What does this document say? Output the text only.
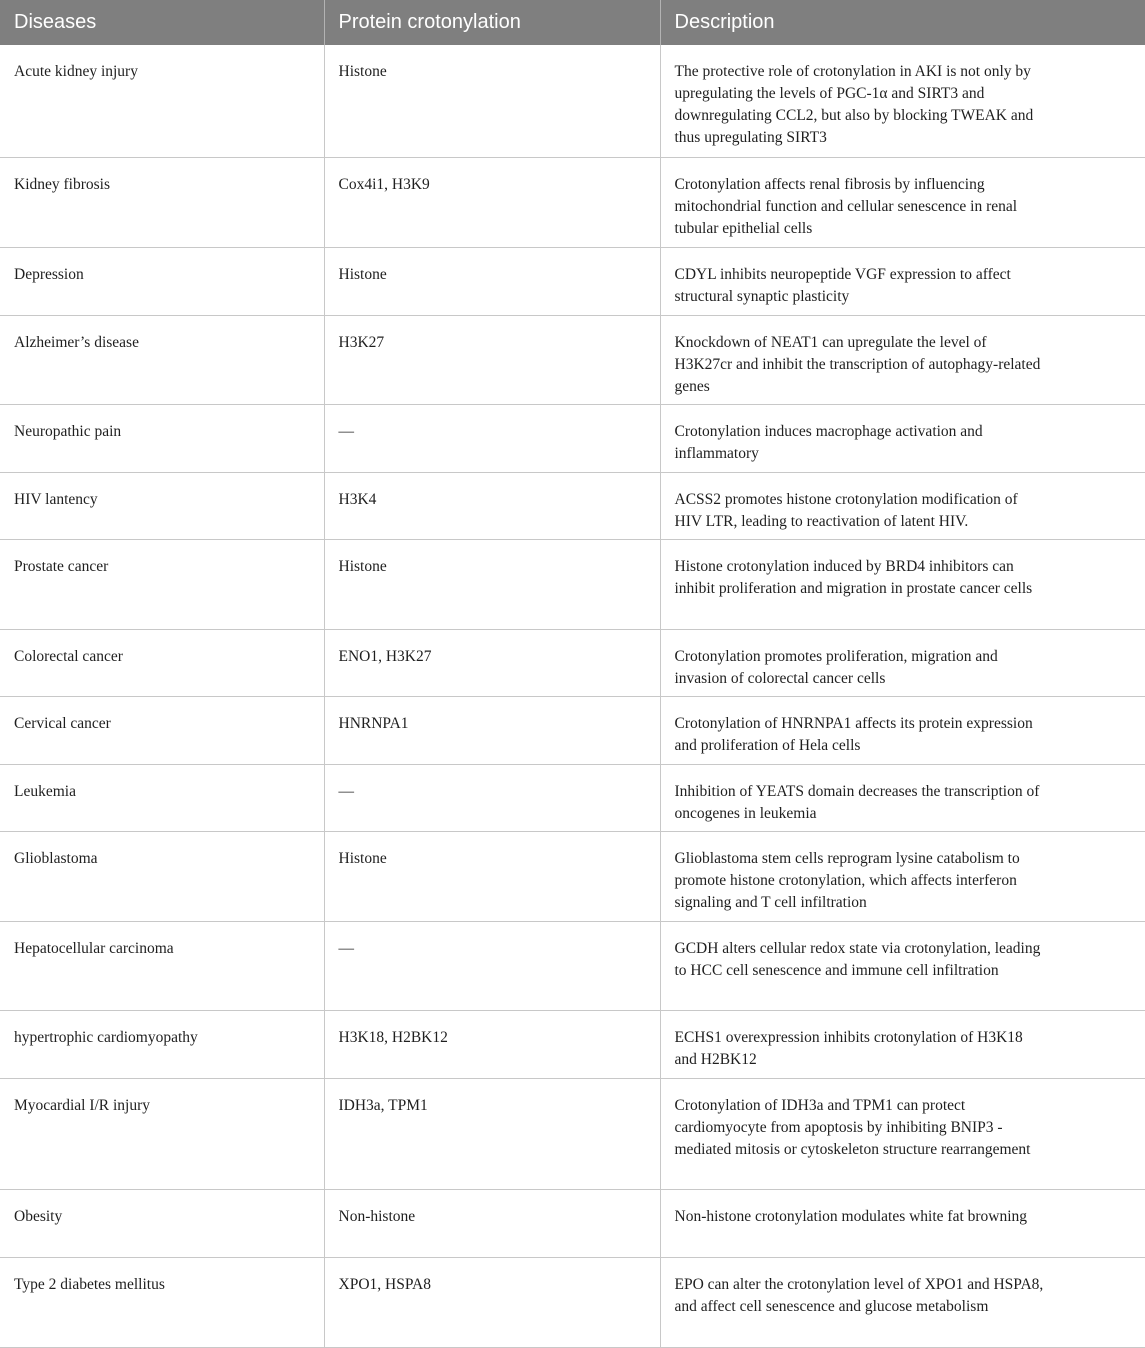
Diseases	Protein crotonylation	Description
Acute kidney injury	Histone	The protective role of crotonylation in AKI is not only by upregulating the levels of PGC-1α and SIRT3 and downregulating CCL2, but also by blocking TWEAK and thus upregulating SIRT3
Kidney fibrosis	Cox4i1, H3K9	Crotonylation affects renal fibrosis by influencing mitochondrial function and cellular senescence in renal tubular epithelial cells
Depression	Histone	CDYL inhibits neuropeptide VGF expression to affect structural synaptic plasticity
Alzheimer’s disease	H3K27	Knockdown of NEAT1 can upregulate the level of H3K27cr and inhibit the transcription of autophagy-related genes
Neuropathic pain	—	Crotonylation induces macrophage activation and inflammatory
HIV lantency	H3K4	ACSS2 promotes histone crotonylation modification of HIV LTR, leading to reactivation of latent HIV.
Prostate cancer	Histone	Histone crotonylation induced by BRD4 inhibitors can inhibit proliferation and migration in prostate cancer cells
Colorectal cancer	ENO1, H3K27	Crotonylation promotes proliferation, migration and invasion of colorectal cancer cells
Cervical cancer	HNRNPA1	Crotonylation of HNRNPA1 affects its protein expression and proliferation of Hela cells
Leukemia	—	Inhibition of YEATS domain decreases the transcription of oncogenes in leukemia
Glioblastoma	Histone	Glioblastoma stem cells reprogram lysine catabolism to promote histone crotonylation, which affects interferon signaling and T cell infiltration
Hepatocellular carcinoma	—	GCDH alters cellular redox state via crotonylation, leading to HCC cell senescence and immune cell infiltration
hypertrophic cardiomyopathy	H3K18, H2BK12	ECHS1 overexpression inhibits crotonylation of H3K18 and H2BK12
Myocardial I/R injury	IDH3a, TPM1	Crotonylation of IDH3a and TPM1 can protect cardiomyocyte from apoptosis by inhibiting BNIP3 -mediated mitosis or cytoskeleton structure rearrangement
Obesity	Non-histone	Non-histone crotonylation modulates white fat browning
Type 2 diabetes mellitus	XPO1, HSPA8	EPO can alter the crotonylation level of XPO1 and HSPA8, and affect cell senescence and glucose metabolism
